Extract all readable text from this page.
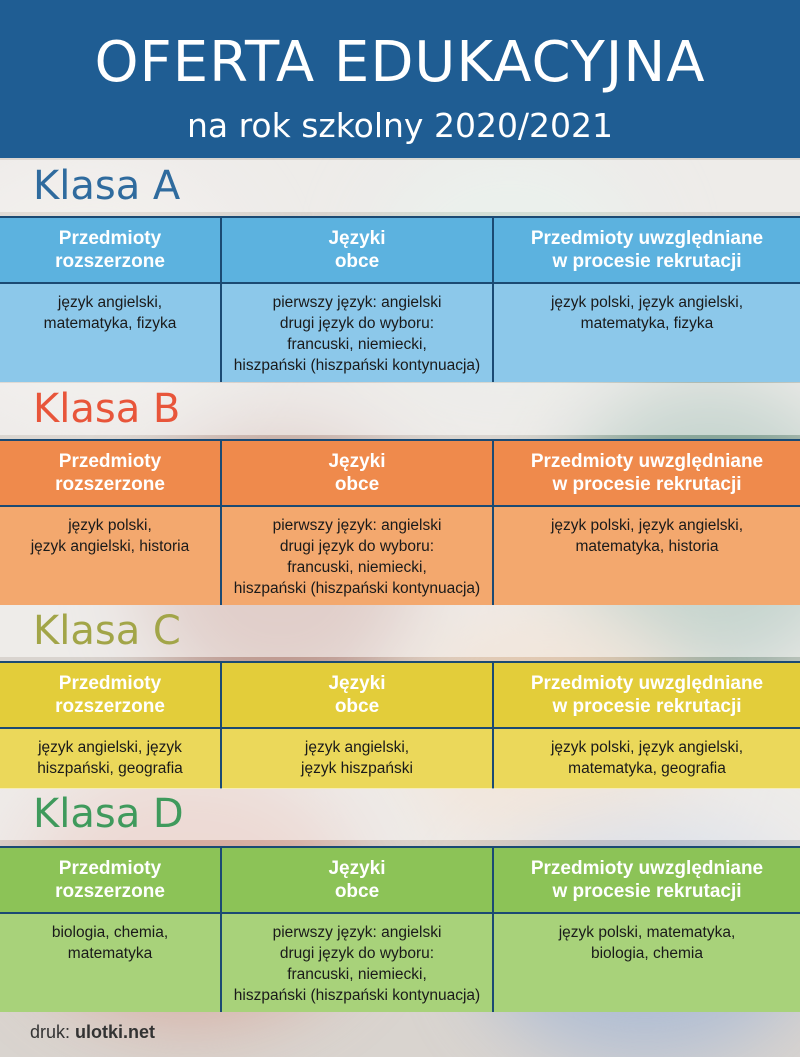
OFERTA EDUKACYJNA
na rok szkolny 2020/2021
Klasa A
Przedmioty
rozszerzone
Języki
obce
Przedmioty uwzględniane
w procesie rekrutacji
język angielski,
matematyka, fizyka
pierwszy język: angielski
drugi język do wyboru:
francuski, niemiecki,
hiszpański (hiszpański kontynuacja)
język polski, język angielski,
matematyka, fizyka
Klasa B
Przedmioty
rozszerzone
Języki
obce
Przedmioty uwzględniane
w procesie rekrutacji
język polski,
język angielski, historia
pierwszy język: angielski
drugi język do wyboru:
francuski, niemiecki,
hiszpański (hiszpański kontynuacja)
język polski, język angielski,
matematyka, historia
Klasa C
Przedmioty
rozszerzone
Języki
obce
Przedmioty uwzględniane
w procesie rekrutacji
język angielski, język
hiszpański, geografia
język angielski,
język hiszpański
język polski, język angielski,
matematyka, geografia
Klasa D
Przedmioty
rozszerzone
Języki
obce
Przedmioty uwzględniane
w procesie rekrutacji
biologia, chemia,
matematyka
pierwszy język: angielski
drugi język do wyboru:
francuski, niemiecki,
hiszpański (hiszpański kontynuacja)
język polski, matematyka,
biologia, chemia
druk: ulotki.net
